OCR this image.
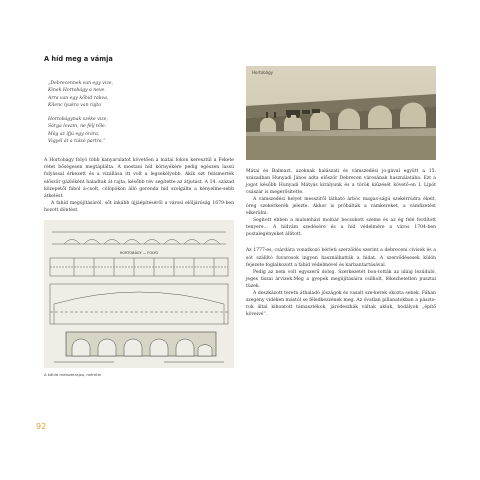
A híd meg a vámja
„Debrecennek van egy vize,
Kinek Hortobágy a neve.
Arra van egy kőhíd rakva,
Kilenc lyukra van rajta
Hortobágynak széke vize,
Sárga lovam, ne félj tőle.
Még az ifjú egy órára,
Vigyél át a túlsó partra.”

A Hortobágy folyó több kanyarulatot követően a mátai fokon keresztül a Fekete rétet bőségesen megtáplálta. A mostani híd környékére pedig egészen lassú folyással érkezett és a vízállása itt volt a legsekélyebb. Akik ezt felismerték először gázlóként haladtak át rajta, később rév segítette az átjutást. A 14. század közepétől fából á-csolt, cölöpökön álló gerenda híd szolgálta a kényelme-sebb átkelést.

A fahíd megújításáról, sőt inkább újjáépítéséről a városi elöljáróság 1679-ben hozott döntést.

HORTOBÁGY — FOLYÓ
A kőhíd metszetrajza, méretei
Hortobágy

Mátai és Balmazt, azoknak halászati és vámszedési jo-gával együtt a 15. században Hunyadi János adta először Debrecen városának használatába. Ezt a jogot később Hunyadi Mátyás királyunk és a török kiűzését követő-en I. Lipót császár is megerősítette.

A vámszedési helyet messziről látható árbóc magas-ságú szekérrúdra ékelt, öreg szekérkerék jelezte. Akkor is próbálták a vámkereket, a vámfizetést elkerülni.

Segített ebben a malomházi molnár becsukott szeme és az ég felé fordított tenyere… A hídvám szedésére és a híd védelmére a város 1704-ben postalegényeket állított.

Az 1777-es, csárdára vonatkozó bérleti szerződés szerint a debreceni cívisek és a sót szállító fuvarosok ingyen használhatták a hidat. A szerződésesek külön fejezete foglalkozott a fahíd védelmével és karbantartásával.

Pedig az nem volt egyszerű dolog. Szerkezetét bon-tották az idáig lezúduló, jeges tiszai árvizek.Meg a gyepek megújításáira csilholt, fékezhetetlen pusztai tüzek.

A deszkázott teretn áthaladó jószágok és vasalt sze-kerek okozta sebek. Fáhan szegény vidéken mástól se féledkezzének meg. Az óvatlan pillanatokban a pászto-rok által kihontott támasztékok, járódeszkák váltak akluk, hodályok „építő köveivé”.

92
